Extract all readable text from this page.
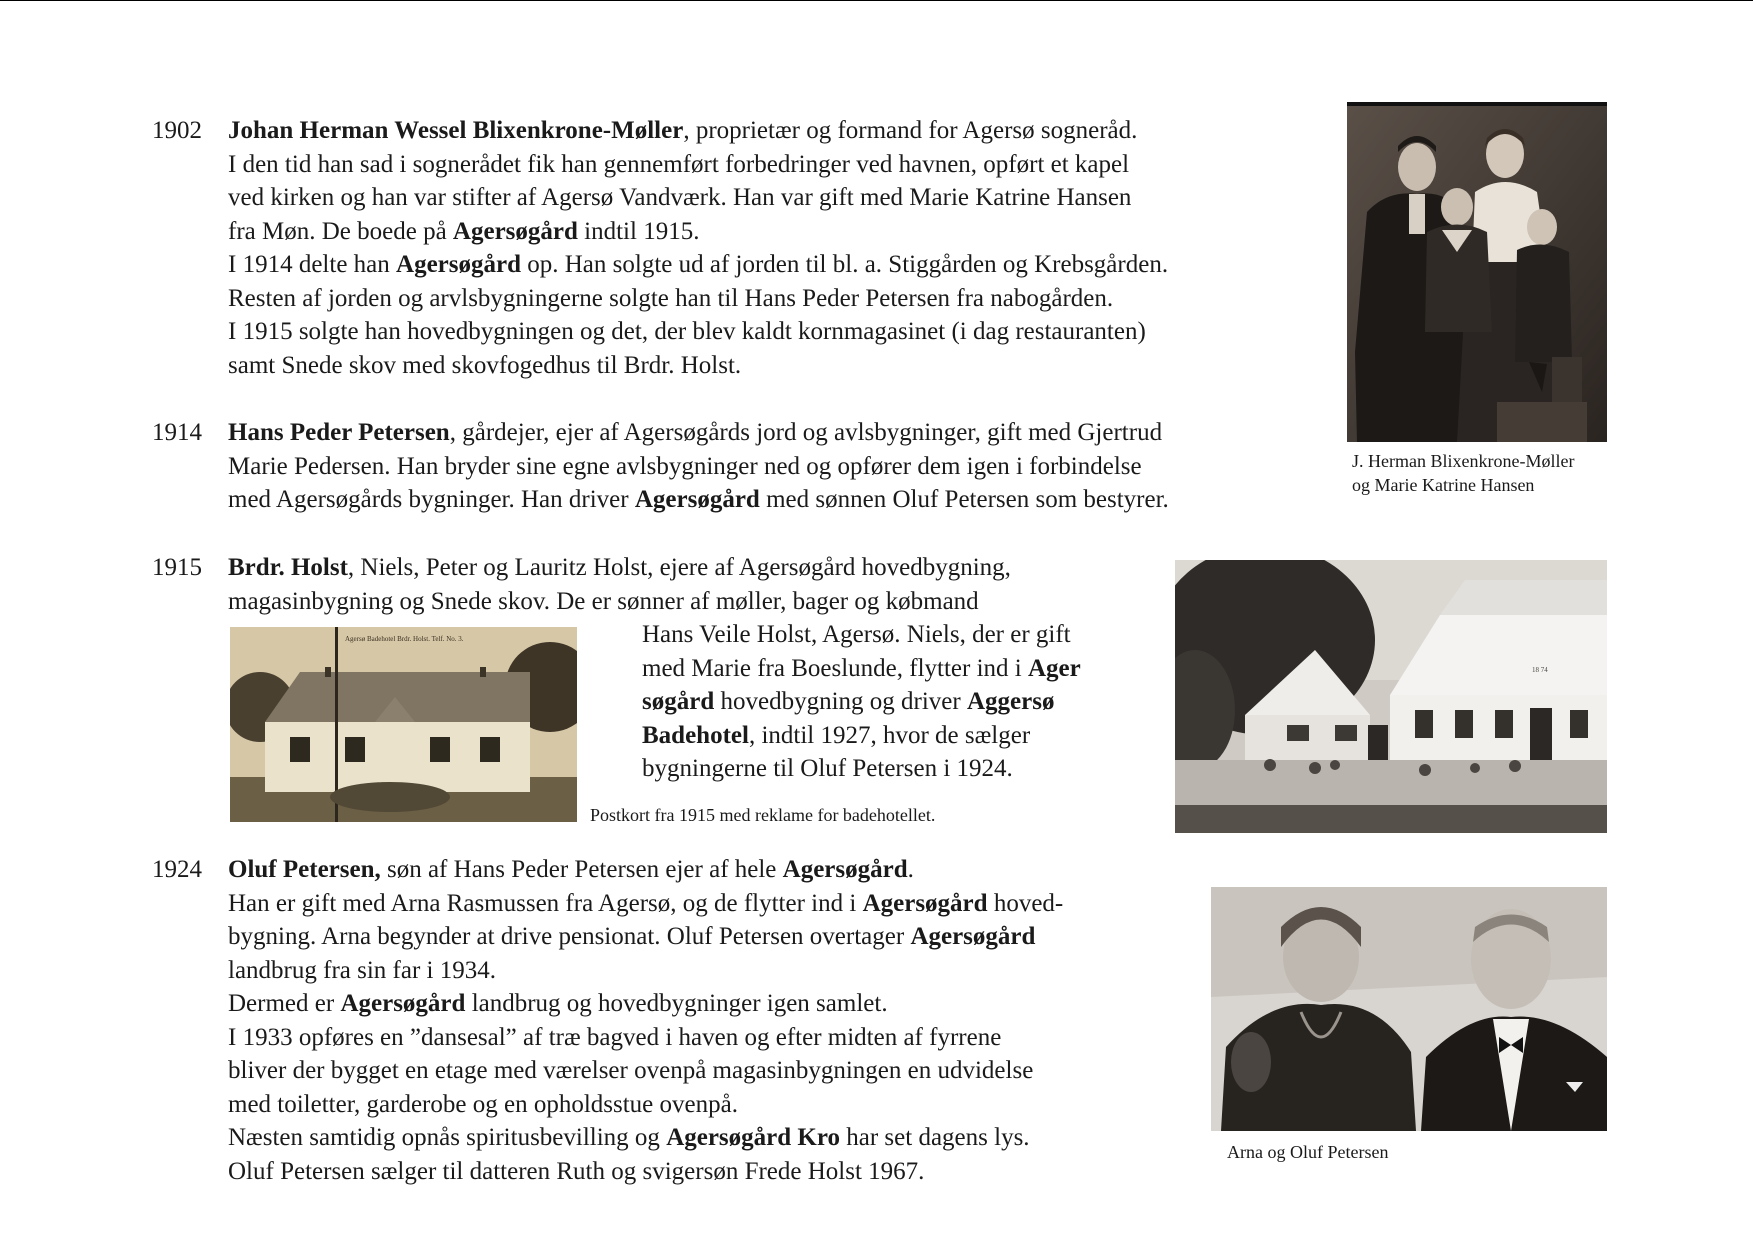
1902 Johan Herman Wessel Blixenkrone-Møller, proprietær og formand for Agersø sogneråd.
I den tid han sad i sognerådet fik han gennemført forbedringer ved havnen, opført et kapel
ved kirken og han var stifter af Agersø Vandværk. Han var gift med Marie Katrine Hansen
fra Møn. De boede på Agersøgård indtil 1915.
I 1914 delte han Agersøgård op. Han solgte ud af jorden til bl. a. Stiggården og Krebsgården.
Resten af jorden og arvlsbygningerne solgte han til Hans Peder Petersen fra nabogården.
I 1915 solgte han hovedbygningen og det, der blev kaldt kornmagasinet (i dag restauranten)
samt Snede skov med skovfogedhus til Brdr. Holst.
1914 Hans Peder Petersen, gårdejer, ejer af Agersøgårds jord og avlsbygninger, gift med Gjertrud
Marie Pedersen. Han bryder sine egne avlsbygninger ned og opfører dem igen i forbindelse
med Agersøgårds bygninger. Han driver Agersøgård med sønnen Oluf Petersen som bestyrer.
1915 Brdr. Holst, Niels, Peter og Lauritz Holst, ejere af Agersøgård hovedbygning,
magasinbygning og Snede skov. De er sønner af møller, bager og købmand
Hans Veile Holst, Agersø. Niels, der er gift
med Marie fra Boeslunde, flytter ind i Ager
søgård hovedbygning og driver Aggersø
Badehotel, indtil 1927, hvor de sælger
bygningerne til Oluf Petersen i 1924.
1924 Oluf Petersen, søn af Hans Peder Petersen ejer af hele Agersøgård.
Han er gift med Arna Rasmussen fra Agersø, og de flytter ind i Agersøgård hoved-
bygning. Arna begynder at drive pensionat. Oluf Petersen overtager Agersøgård
landbrug fra sin far i 1934.
Dermed er Agersøgård landbrug og hovedbygninger igen samlet.
I 1933 opføres en ”dansesal” af træ bagved i haven og efter midten af fyrrene
bliver der bygget en etage med værelser ovenpå magasinbygningen en udvidelse
med toiletter, garderobe og en opholdsstue ovenpå.
Næsten samtidig opnås spiritusbevilling og Agersøgård Kro har set dagens lys.
Oluf Petersen sælger til datteren Ruth og svigersøn Frede Holst 1967.
J. Herman Blixenkrone-Møller
og Marie Katrine Hansen
Agersø Badehotel Brdr. Holst. Telf. No. 3.
Postkort fra 1915 med reklame for badehotellet.
18 74
Arna og Oluf Petersen
